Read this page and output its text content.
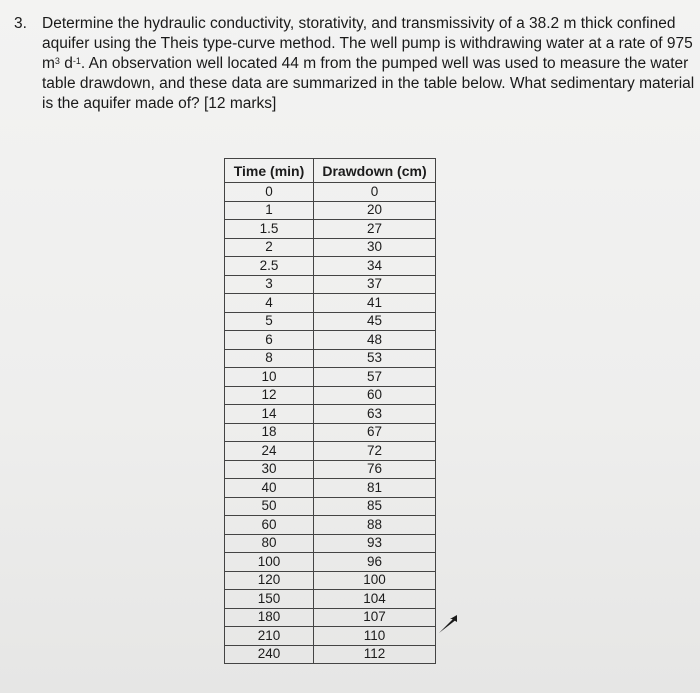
3. Determine the hydraulic conductivity, storativity, and transmissivity of a 38.2 m thick confined
aquifer using the Theis type-curve method. The well pump is withdrawing water at a rate of 975
$m^3$ $d^{-1}$. An observation well located 44 m from the pumped well was used to measure the water
table drawdown, and these data are summarized in the table below. What sedimentary material
is the aquifer made of? [12 marks]
Time (min)	Drawdown (cm)
0	0
1	20
1.5	27
2	30
2.5	34
3	37
4	41
5	45
6	48
8	53
10	57
12	60
14	63
18	67
24	72
30	76
40	81
50	85
60	88
80	93
100	96
120	100
150	104
180	107
210	110
240	112
